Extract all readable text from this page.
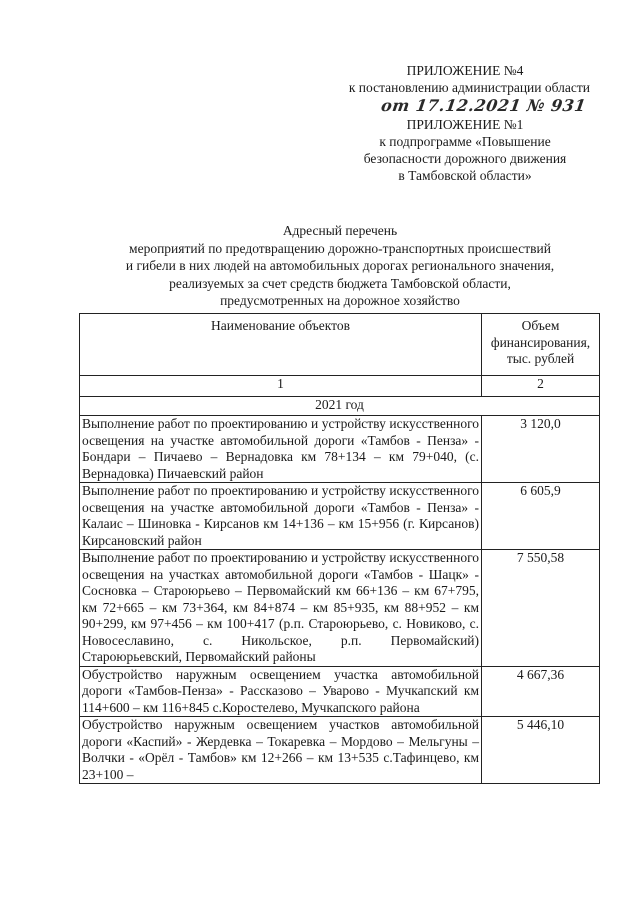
ПРИЛОЖЕНИЕ №4
к постановлению администрации области
от 17.12.2021 № 931
ПРИЛОЖЕНИЕ №1
к подпрограмме «Повышение
безопасности дорожного движения
в Тамбовской области»
Адресный перечень
мероприятий по предотвращению дорожно-транспортных происшествий
и гибели в них людей на автомобильных дорогах регионального значения,
реализуемых за счет средств бюджета Тамбовской области,
предусмотренных на дорожное хозяйство
Наименование объектов	Объем финансирования, тыс. рублей
1	2
2021 год	
Выполнение работ по проектированию и устройству искусственного освещения на участке автомобильной дороги «Тамбов - Пенза» - Бондари – Пичаево – Вернадовка км 78+134 – км 79+040, (с. Вернадовка) Пичаевский район	3 120,0
Выполнение работ по проектированию и устройству искусственного освещения на участке автомобильной дороги «Тамбов - Пенза» - Калаис – Шиновка - Кирсанов км 14+136 – км 15+956 (г. Кирсанов) Кирсановский район	6 605,9
Выполнение работ по проектированию и устройству искусственного освещения на участках автомобильной дороги «Тамбов - Шацк» - Сосновка – Староюрьево – Первомайский км 66+136 – км 67+795, км 72+665 – км 73+364, км 84+874 – км 85+935, км 88+952 – км 90+299, км 97+456 – км 100+417 (р.п. Староюрьево, с. Новиково, с. Новосеславино, с. Никольское, р.п. Первомайский) Староюрьевский, Первомайский районы	7 550,58
Обустройство наружным освещением участка автомобильной дороги «Тамбов-Пенза» - Рассказово – Уварово - Мучкапский км 114+600 – км 116+845 с.Коростелево, Мучкапского района	4 667,36
Обустройство наружным освещением участков автомобильной дороги «Каспий» - Жердевка – Токаревка – Мордово – Мельгуны – Волчки - «Орёл - Тамбов» км 12+266 – км 13+535 с.Тафинцево, км 23+100 –	5 446,10
